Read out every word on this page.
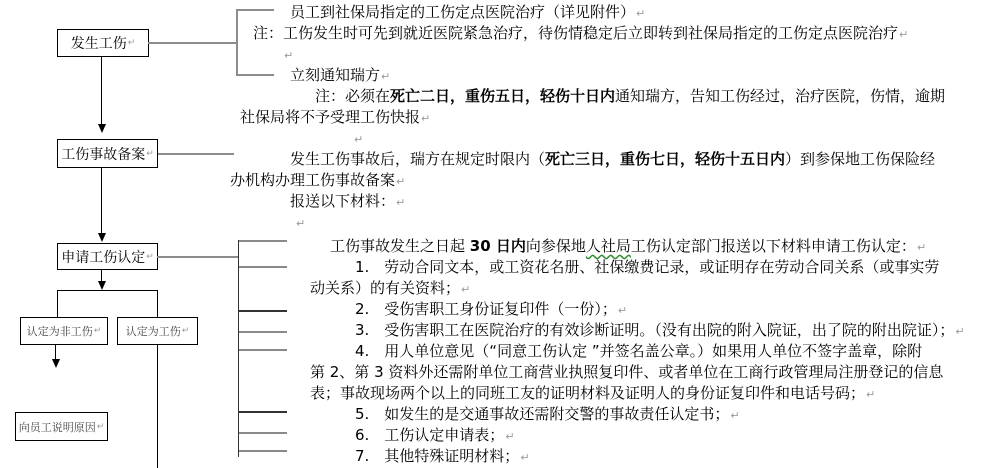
发生工伤 ↵
工伤事故备案 ↵
申请工伤认定 ↵
认定为非工伤 ↵ 认定为工伤 ↵
向员工说明原因 ↵
员工到社保局指定的工伤定点医院治疗（详见附件）↵
注：工伤发生时可先到就近医院紧急治疗，待伤情稳定后立即转到社保局指定的工伤定点医院治疗↵
↵
立刻通知瑞方↵
注：必须在死亡二日，重伤五日，轻伤十日内通知瑞方，告知工伤经过，治疗医院，伤情，逾期
社保局将不予受理工伤快报↵
↵
发生工伤事故后，瑞方在规定时限内（死亡三日，重伤七日，轻伤十五日内）到参保地工伤保险经
办机构办理工伤事故备案↵
报送以下材料：↵
↵
工伤事故发生之日起 30 日内向参保地人社局工伤认定部门报送以下材料申请工伤认定：↵
1.　劳动合同文本，或工资花名册、社保缴费记录，或证明存在劳动合同关系（或事实劳
动关系）的有关资料；↵
2.　受伤害职工身份证复印件（一份）；↵
3.　受伤害职工在医院治疗的有效诊断证明。（没有出院的附入院证，出了院的附出院证）；↵
4.　用人单位意见（“同意工伤认定 ”并签名盖公章。）如果用人单位不签字盖章，除附
第 2、第 3 资料外还需附单位工商营业执照复印件、或者单位在工商行政管理局注册登记的信息
表；事故现场两个以上的同班工友的证明材料及证明人的身份证复印件和电话号码；↵
5.　如发生的是交通事故还需附交警的事故责任认定书；↵
6.　工伤认定申请表；↵
7.　其他特殊证明材料；↵
